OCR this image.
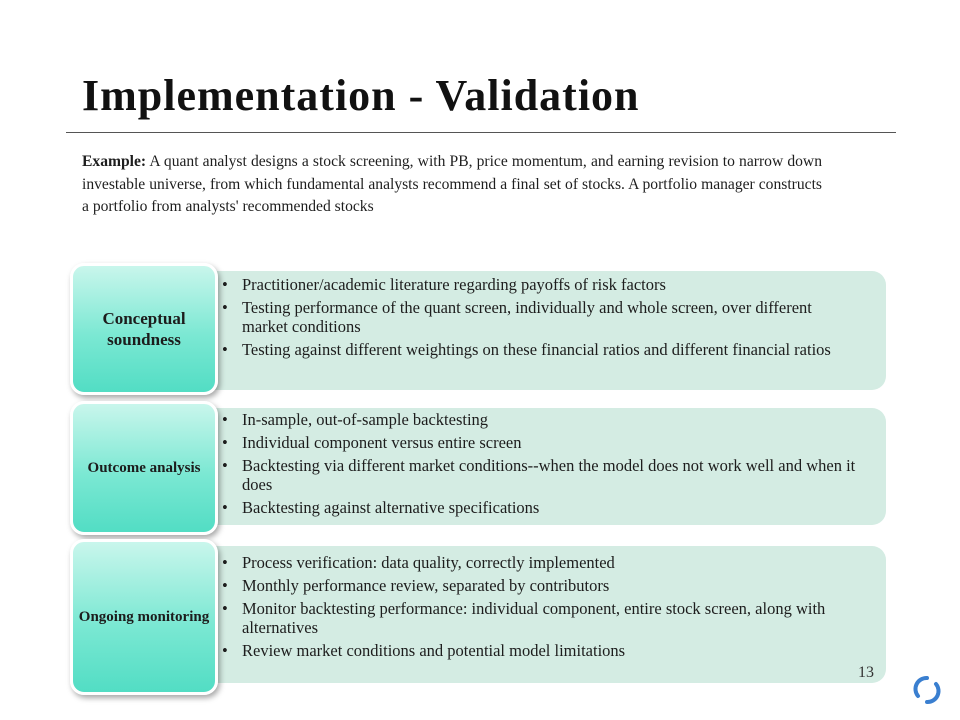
Implementation - Validation
Example: A quant analyst designs a stock screening, with PB, price momentum, and earning revision to narrow down investable universe, from which fundamental analysts recommend a final set of stocks. A portfolio manager constructs a portfolio from analysts' recommended stocks
Conceptual soundness
• Practitioner/academic literature regarding payoffs of risk factors
• Testing performance of the quant screen, individually and whole screen, over different market conditions
• Testing against different weightings on these financial ratios and different financial ratios
Outcome analysis
• In-sample, out-of-sample backtesting
• Individual component versus entire screen
• Backtesting via different market conditions--when the model does not work well and when it does
• Backtesting against alternative specifications
Ongoing monitoring
• Process verification: data quality, correctly implemented
• Monthly performance review, separated by contributors
• Monitor backtesting performance: individual component, entire stock screen, along with alternatives
• Review market conditions and potential model limitations
13
